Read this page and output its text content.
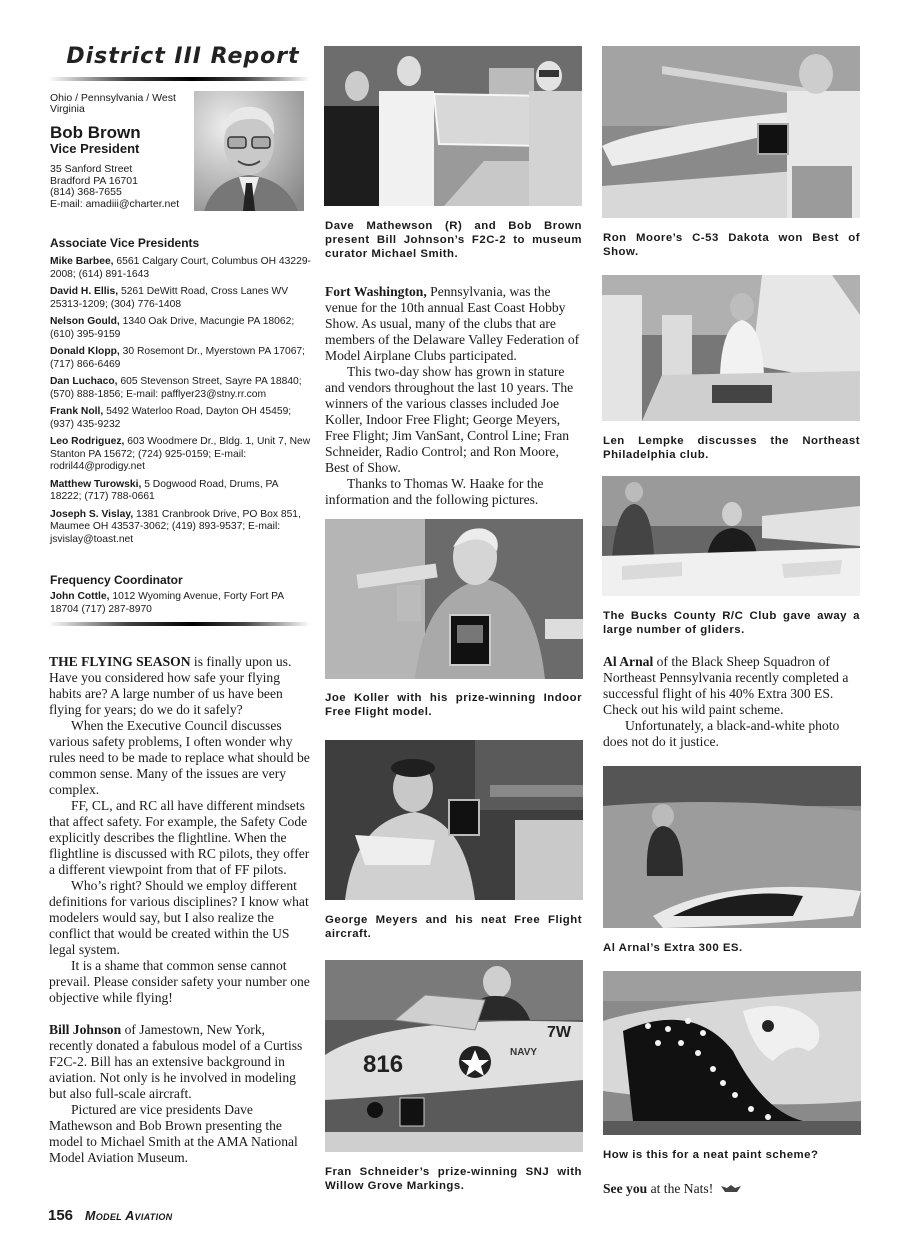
District III Report
Ohio / Pennsylvania / West Virginia
Bob Brown
Vice President
35 Sanford Street
Bradford PA 16701
(814) 368-7655
E-mail: amadiii@charter.net
Associate Vice Presidents
Mike Barbee, 6561 Calgary Court, Columbus OH 43229-2008; (614) 891-1643
David H. Ellis, 5261 DeWitt Road, Cross Lanes WV 25313-1209; (304) 776-1408
Nelson Gould, 1340 Oak Drive, Macungie PA 18062; (610) 395-9159
Donald Klopp, 30 Rosemont Dr., Myerstown PA 17067; (717) 866-6469
Dan Luchaco, 605 Stevenson Street, Sayre PA 18840; (570) 888-1856; E-mail: pafflyer23@stny.rr.com
Frank Noll, 5492 Waterloo Road, Dayton OH 45459; (937) 435-9232
Leo Rodriguez, 603 Woodmere Dr., Bldg. 1, Unit 7, New Stanton PA 15672; (724) 925-0159; E-mail: rodril44@prodigy.net
Matthew Turowski, 5 Dogwood Road, Drums, PA 18222; (717) 788-0661
Joseph S. Vislay, 1381 Cranbrook Drive, PO Box 851, Maumee OH 43537-3062; (419) 893-9537; E-mail: jsvislay@toast.net
Frequency Coordinator
John Cottle, 1012 Wyoming Avenue, Forty Fort PA 18704 (717) 287-8970

THE FLYING SEASON is finally upon us. Have you considered how safe your flying habits are? A large number of us have been flying for years; do we do it safely?

When the Executive Council discusses various safety problems, I often wonder why rules need to be made to replace what should be common sense. Many of the issues are very complex.

FF, CL, and RC all have different mindsets that affect safety. For example, the Safety Code explicitly describes the flightline. When the flightline is discussed with RC pilots, they offer a different viewpoint from that of FF pilots.

Who’s right? Should we employ different definitions for various disciplines? I know what modelers would say, but I also realize the conflict that would be created within the US legal system.

It is a shame that common sense cannot prevail. Please consider safety your number one objective while flying!

Bill Johnson of Jamestown, New York, recently donated a fabulous model of a Curtiss F2C-2. Bill has an extensive background in aviation. Not only is he involved in modeling but also full-scale aircraft.

Pictured are vice presidents Dave Mathewson and Bob Brown presenting the model to Michael Smith at the AMA National Model Aviation Museum.

Dave Mathewson (R) and Bob Brown present Bill Johnson’s F2C-2 to museum curator Michael Smith.

Fort Washington, Pennsylvania, was the venue for the 10th annual East Coast Hobby Show. As usual, many of the clubs that are members of the Delaware Valley Federation of Model Airplane Clubs participated.

This two-day show has grown in stature and vendors throughout the last 10 years. The winners of the various classes included Joe Koller, Indoor Free Flight; George Meyers, Free Flight; Jim VanSant, Control Line; Fran Schneider, Radio Control; and Ron Moore, Best of Show.

Thanks to Thomas W. Haake for the information and the following pictures.

Joe Koller with his prize-winning Indoor Free Flight model.
George Meyers and his neat Free Flight aircraft.
816	NAVY
7W
Fran Schneider’s prize-winning SNJ with Willow Grove Markings.
Ron Moore’s C-53 Dakota won Best of Show.
Len Lempke discusses the Northeast Philadelphia club.
The Bucks County R/C Club gave away a large number of gliders.

Al Arnal of the Black Sheep Squadron of Northeast Pennsylvania recently completed a successful flight of his 40% Extra 300 ES. Check out his wild paint scheme.

Unfortunately, a black-and-white photo does not do it justice.

Al Arnal’s Extra 300 ES.
How is this for a neat paint scheme?
See you at the Nats!
156 Model Aviation
